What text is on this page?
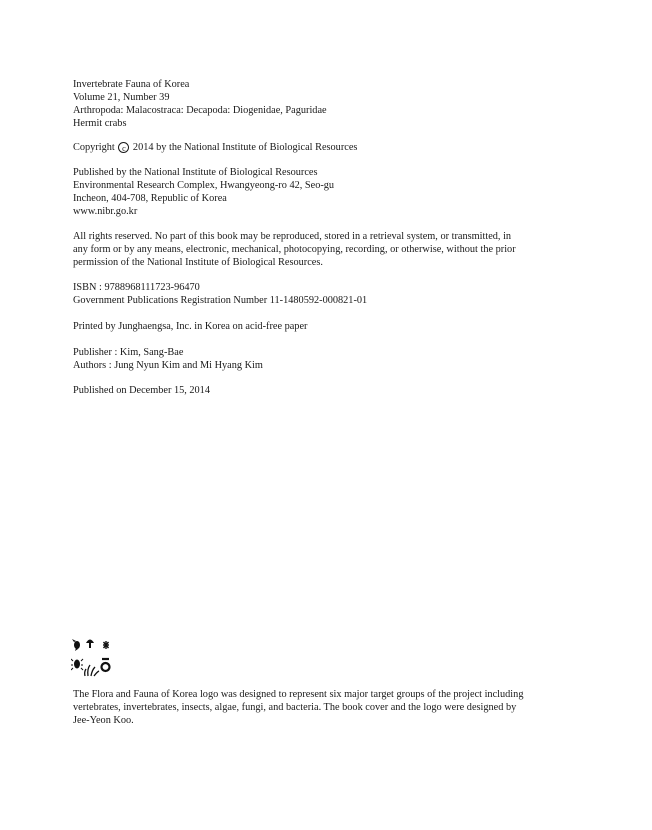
Invertebrate Fauna of Korea
Volume 21, Number 39
Arthropoda: Malacostraca: Decapoda: Diogenidae, Paguridae
Hermit crabs
Copyright c 2014 by the National Institute of Biological Resources
Published by the National Institute of Biological Resources
Environmental Research Complex, Hwangyeong-ro 42, Seo-gu
Incheon, 404-708, Republic of Korea
www.nibr.go.kr
All rights reserved. No part of this book may be reproduced, stored in a retrieval system, or transmitted, in
any form or by any means, electronic, mechanical, photocopying, recording, or otherwise, without the prior
permission of the National Institute of Biological Resources.
ISBN : 9788968111723-96470
Government Publications Registration Number 11-1480592-000821-01
Printed by Junghaengsa, Inc. in Korea on acid-free paper
Publisher : Kim, Sang-Bae
Authors : Jung Nyun Kim and Mi Hyang Kim
Published on December 15, 2014
The Flora and Fauna of Korea logo was designed to represent six major target groups of the project including
vertebrates, invertebrates, insects, algae, fungi, and bacteria. The book cover and the logo were designed by
Jee-Yeon Koo.
